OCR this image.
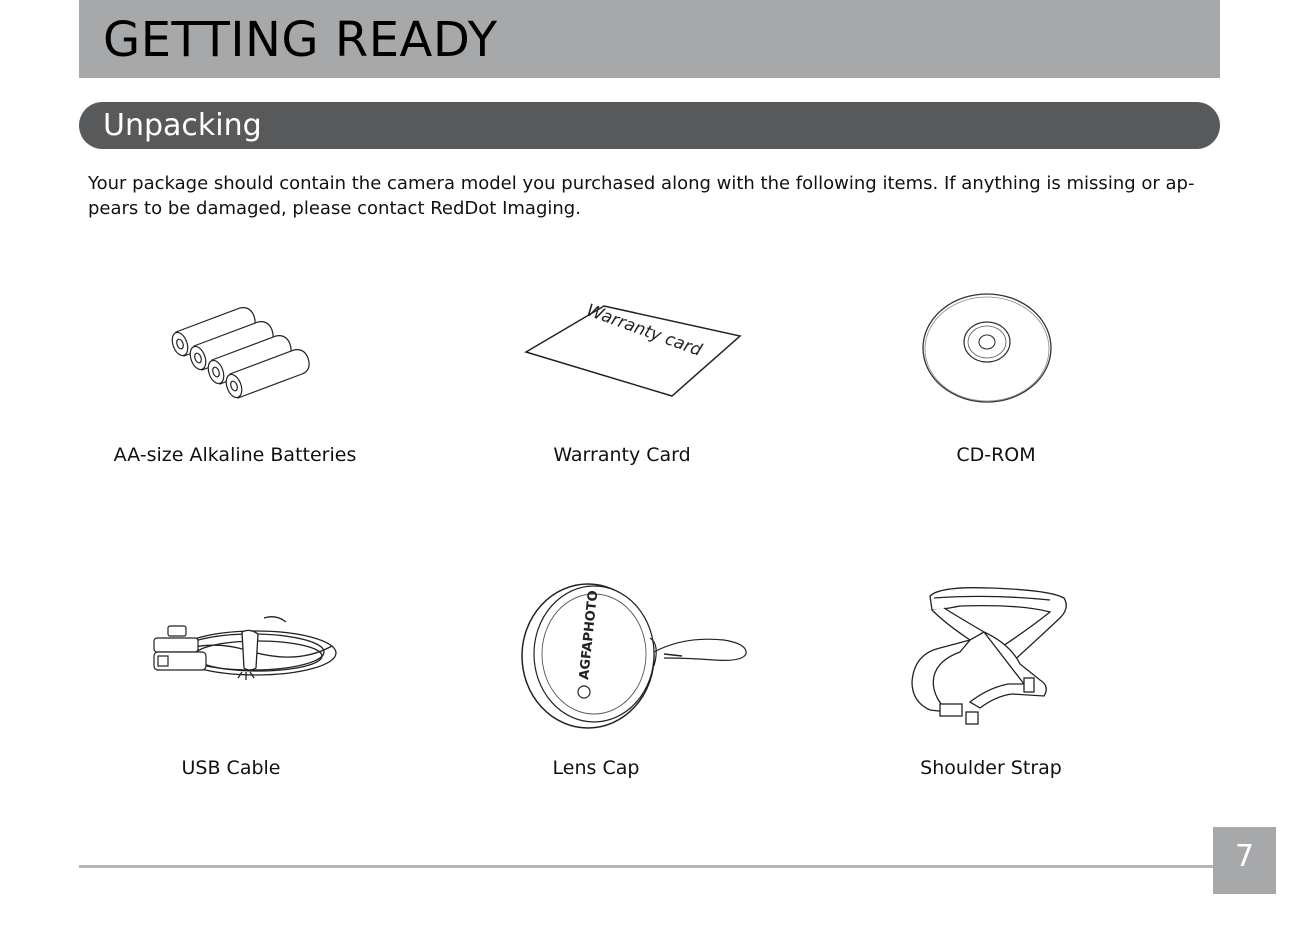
GETTING READY
Unpacking

Your package should contain the camera model you purchased along with the following items. If anything is missing or ap-pears to be damaged, please contact RedDot Imaging.

AA-size Alkaline Batteries
Warranty card
Warranty Card	CD-ROM
USB Cable
AGFAPHOTO
Lens Cap	Shoulder Strap
7
